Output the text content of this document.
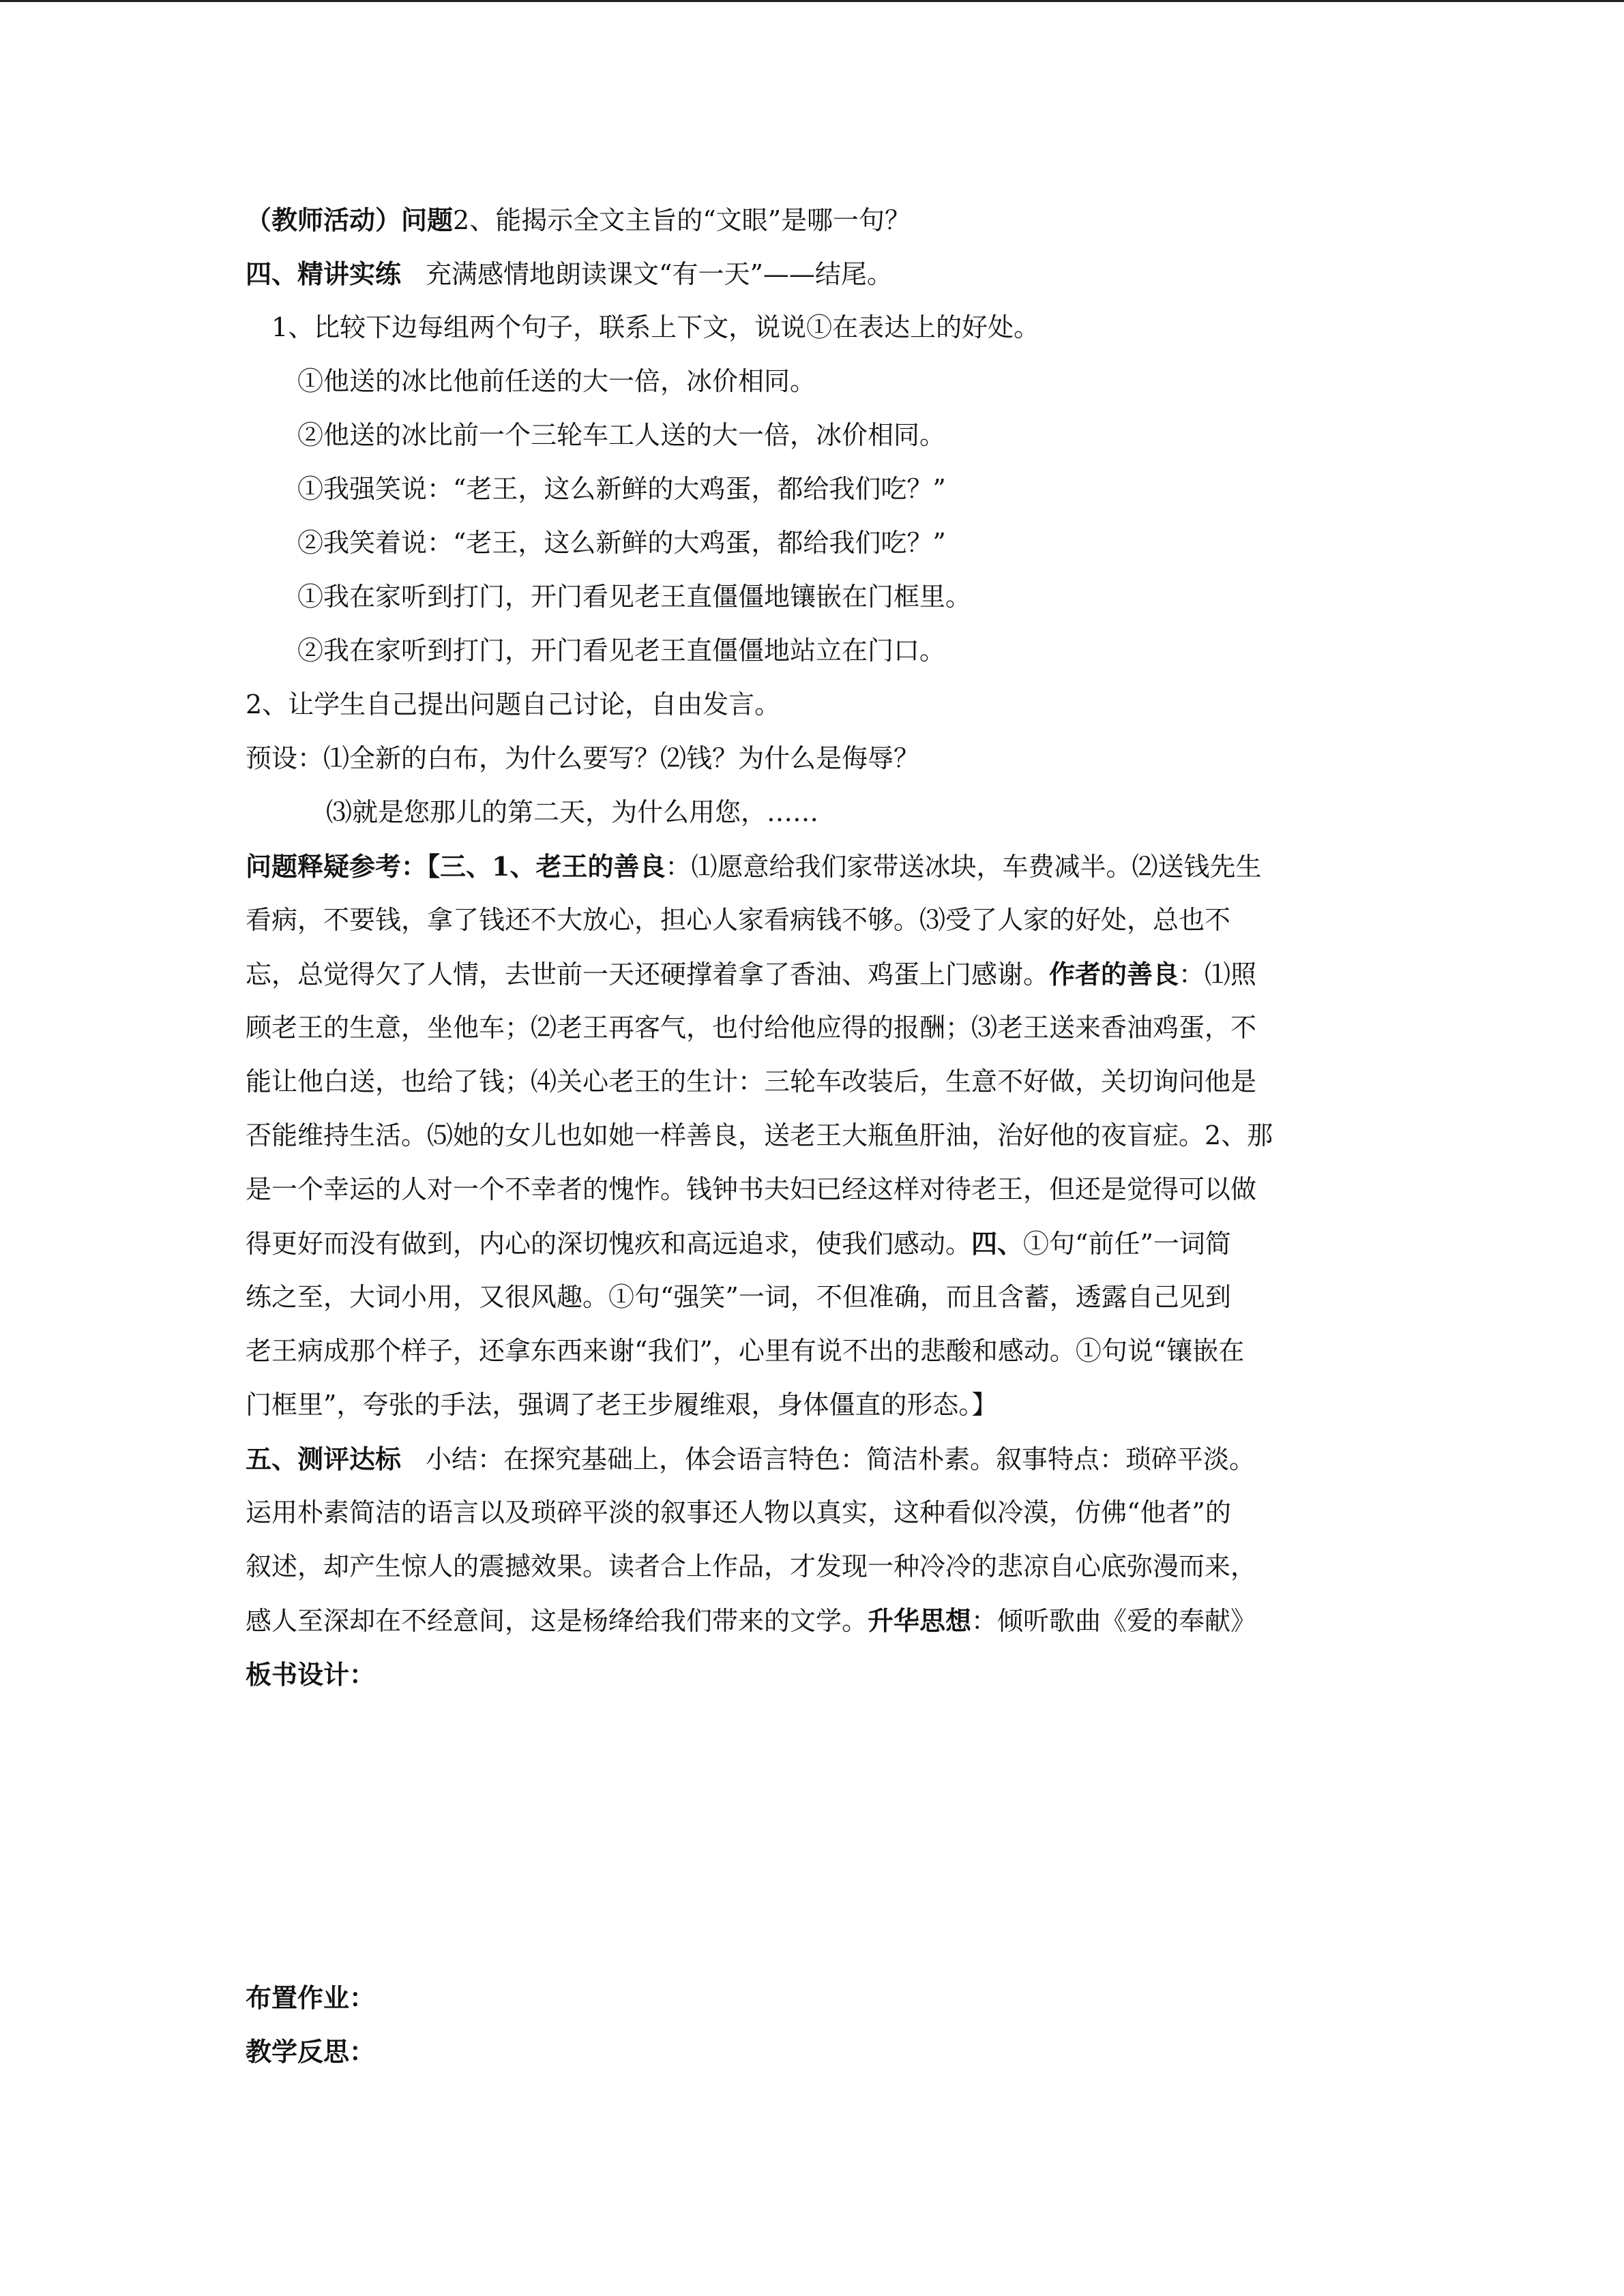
（教师活动）问题2、能揭示全文主旨的“文眼”是哪一句？
四、精讲实练 充满感情地朗读课文“有一天”——结尾。
1、比较下边每组两个句子，联系上下文，说说①在表达上的好处。
①他送的冰比他前任送的大一倍，冰价相同。
②他送的冰比前一个三轮车工人送的大一倍，冰价相同。
①我强笑说：“老王，这么新鲜的大鸡蛋，都给我们吃？”
②我笑着说：“老王，这么新鲜的大鸡蛋，都给我们吃？”
①我在家听到打门，开门看见老王直僵僵地镶嵌在门框里。
②我在家听到打门，开门看见老王直僵僵地站立在门口。
2、让学生自己提出问题自己讨论，自由发言。
预设：⑴全新的白布，为什么要写？⑵钱？为什么是侮辱？
⑶就是您那儿的第二天，为什么用您，……
问题释疑参考：【三、1、老王的善良：⑴愿意给我们家带送冰块，车费减半。⑵送钱先生
看病，不要钱，拿了钱还不大放心，担心人家看病钱不够。⑶受了人家的好处，总也不
忘，总觉得欠了人情，去世前一天还硬撑着拿了香油、鸡蛋上门感谢。作者的善良：⑴照
顾老王的生意，坐他车；⑵老王再客气，也付给他应得的报酬；⑶老王送来香油鸡蛋，不
能让他白送，也给了钱；⑷关心老王的生计：三轮车改装后，生意不好做，关切询问他是
否能维持生活。⑸她的女儿也如她一样善良，送老王大瓶鱼肝油，治好他的夜盲症。2、那
是一个幸运的人对一个不幸者的愧怍。钱钟书夫妇已经这样对待老王，但还是觉得可以做
得更好而没有做到，内心的深切愧疚和高远追求，使我们感动。四、①句“前任”一词简
练之至，大词小用，又很风趣。①句“强笑”一词，不但准确，而且含蓄，透露自己见到
老王病成那个样子，还拿东西来谢“我们”，心里有说不出的悲酸和感动。①句说“镶嵌在
门框里”，夸张的手法，强调了老王步履维艰，身体僵直的形态。】
五、测评达标 小结：在探究基础上，体会语言特色：简洁朴素。叙事特点：琐碎平淡。
运用朴素简洁的语言以及琐碎平淡的叙事还人物以真实，这种看似冷漠，仿佛“他者”的
叙述，却产生惊人的震撼效果。读者合上作品，才发现一种冷冷的悲凉自心底弥漫而来，
感人至深却在不经意间，这是杨绛给我们带来的文学。升华思想：倾听歌曲《爱的奉献》
板书设计：
布置作业：
教学反思：
